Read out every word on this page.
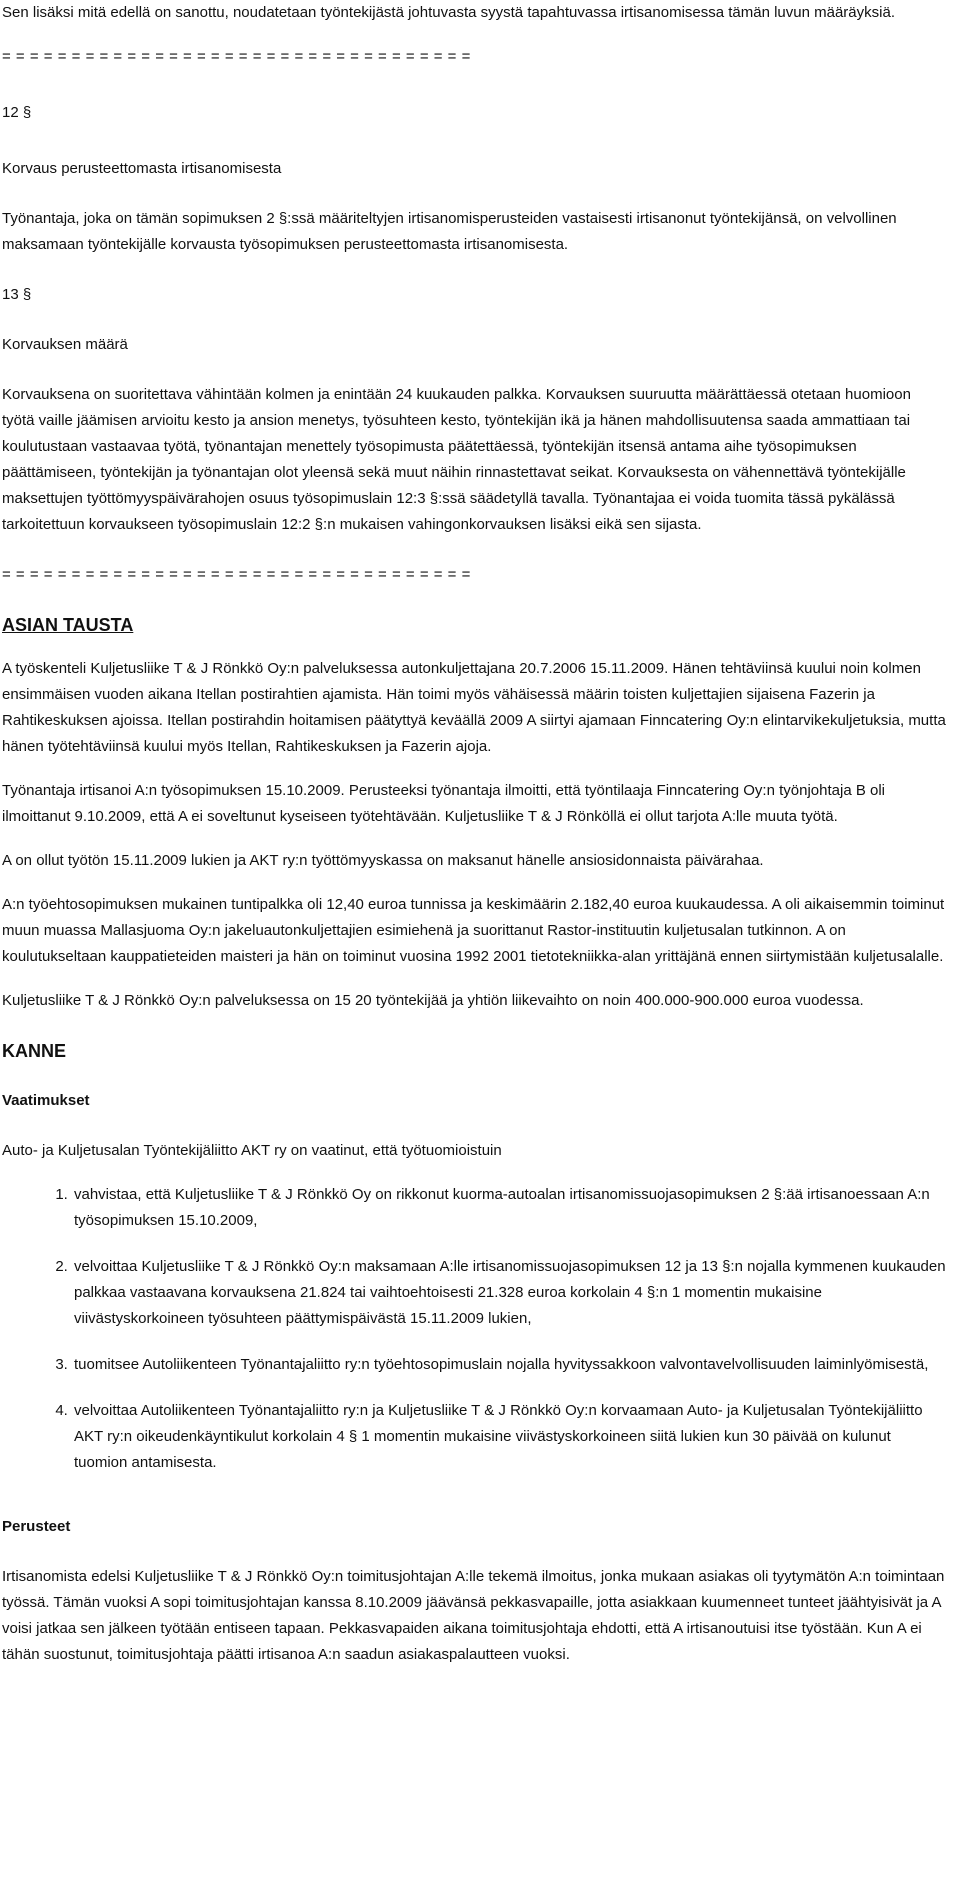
Sen lisäksi mitä edellä on sanottu, noudatetaan työntekijästä johtuvasta syystä tapahtuvassa irtisanomisessa tämän luvun määräyksiä.

= = = = = = = = = = = = = = = = = = = = = = = = = = = = = = = = = =

12 §

Korvaus perusteettomasta irtisanomisesta

Työnantaja, joka on tämän sopimuksen 2 §:ssä määriteltyjen irtisanomisperusteiden vastaisesti irtisanonut työntekijänsä, on velvollinen maksamaan työntekijälle korvausta työsopimuksen perusteettomasta irtisanomisesta.

13 §

Korvauksen määrä

Korvauksena on suoritettava vähintään kolmen ja enintään 24 kuukauden palkka. Korvauksen suuruutta määrättäessä otetaan huomioon työtä vaille jäämisen arvioitu kesto ja ansion menetys, työsuhteen kesto, työntekijän ikä ja hänen mahdollisuutensa saada ammattiaan tai koulutustaan vastaavaa työtä, työnantajan menettely työsopimusta päätettäessä, työntekijän itsensä antama aihe työsopimuksen päättämiseen, työntekijän ja työnantajan olot yleensä sekä muut näihin rinnastettavat seikat. Korvauksesta on vähennettävä työntekijälle maksettujen työttömyyspäivärahojen osuus työsopimuslain 12:3 §:ssä säädetyllä tavalla. Työnantajaa ei voida tuomita tässä pykälässä tarkoitettuun korvaukseen työsopimuslain 12:2 §:n mukaisen vahingonkorvauksen lisäksi eikä sen sijasta.

= = = = = = = = = = = = = = = = = = = = = = = = = = = = = = = = = =

ASIAN TAUSTA

A työskenteli Kuljetusliike T & J Rönkkö Oy:n palveluksessa autonkuljettajana 20.7.2006 15.11.2009. Hänen tehtäviinsä kuului noin kolmen ensimmäisen vuoden aikana Itellan postirahtien ajamista. Hän toimi myös vähäisessä määrin toisten kuljettajien sijaisena Fazerin ja Rahtikeskuksen ajoissa. Itellan postirahdin hoitamisen päätyttyä keväällä 2009 A siirtyi ajamaan Finncatering Oy:n elintarvikekuljetuksia, mutta hänen työtehtäviinsä kuului myös Itellan, Rahtikeskuksen ja Fazerin ajoja.

Työnantaja irtisanoi A:n työsopimuksen 15.10.2009. Perusteeksi työnantaja ilmoitti, että työntilaaja Finncatering Oy:n työnjohtaja B oli ilmoittanut 9.10.2009, että A ei soveltunut kyseiseen työtehtävään. Kuljetusliike T & J Rönköllä ei ollut tarjota A:lle muuta työtä.

A on ollut työtön 15.11.2009 lukien ja AKT ry:n työttömyyskassa on maksanut hänelle ansiosidonnaista päivärahaa.

A:n työehtosopimuksen mukainen tuntipalkka oli 12,40 euroa tunnissa ja keskimäärin 2.182,40 euroa kuukaudessa. A oli aikaisemmin toiminut muun muassa Mallasjuoma Oy:n jakeluautonkuljettajien esimiehenä ja suorittanut Rastor-instituutin kuljetusalan tutkinnon. A on koulutukseltaan kauppatieteiden maisteri ja hän on toiminut vuosina 1992 2001 tietotekniikka-alan yrittäjänä ennen siirtymistään kuljetusalalle.

Kuljetusliike T & J Rönkkö Oy:n palveluksessa on 15 20 työntekijää ja yhtiön liikevaihto on noin 400.000-900.000 euroa vuodessa.

KANNE

Vaatimukset

Auto- ja Kuljetusalan Työntekijäliitto AKT ry on vaatinut, että työtuomioistuin

1. vahvistaa, että Kuljetusliike T & J Rönkkö Oy on rikkonut kuorma-autoalan irtisanomissuojasopimuksen 2 §:ää irtisanoessaan A:n työsopimuksen 15.10.2009,
2. velvoittaa Kuljetusliike T & J Rönkkö Oy:n maksamaan A:lle irtisanomissuojasopimuksen 12 ja 13 §:n nojalla kymmenen kuukauden palkkaa vastaavana korvauksena 21.824 tai vaihtoehtoisesti 21.328 euroa korkolain 4 §:n 1 momentin mukaisine viivästyskorkoineen työsuhteen päättymispäivästä 15.11.2009 lukien,
3. tuomitsee Autoliikenteen Työnantajaliitto ry:n työehtosopimuslain nojalla hyvityssakkoon valvontavelvollisuuden laiminlyömisestä,
4. velvoittaa Autoliikenteen Työnantajaliitto ry:n ja Kuljetusliike T & J Rönkkö Oy:n korvaamaan Auto- ja Kuljetusalan Työntekijäliitto AKT ry:n oikeudenkäyntikulut korkolain 4 § 1 momentin mukaisine viivästyskorkoineen siitä lukien kun 30 päivää on kulunut tuomion antamisesta.

Perusteet

Irtisanomista edelsi Kuljetusliike T & J Rönkkö Oy:n toimitusjohtajan A:lle tekemä ilmoitus, jonka mukaan asiakas oli tyytymätön A:n toimintaan työssä. Tämän vuoksi A sopi toimitusjohtajan kanssa 8.10.2009 jäävänsä pekkasvapaille, jotta asiakkaan kuumenneet tunteet jäähtyisivät ja A voisi jatkaa sen jälkeen työtään entiseen tapaan. Pekkasvapaiden aikana toimitusjohtaja ehdotti, että A irtisanoutuisi itse työstään. Kun A ei tähän suostunut, toimitusjohtaja päätti irtisanoa A:n saadun asiakaspalautteen vuoksi.
